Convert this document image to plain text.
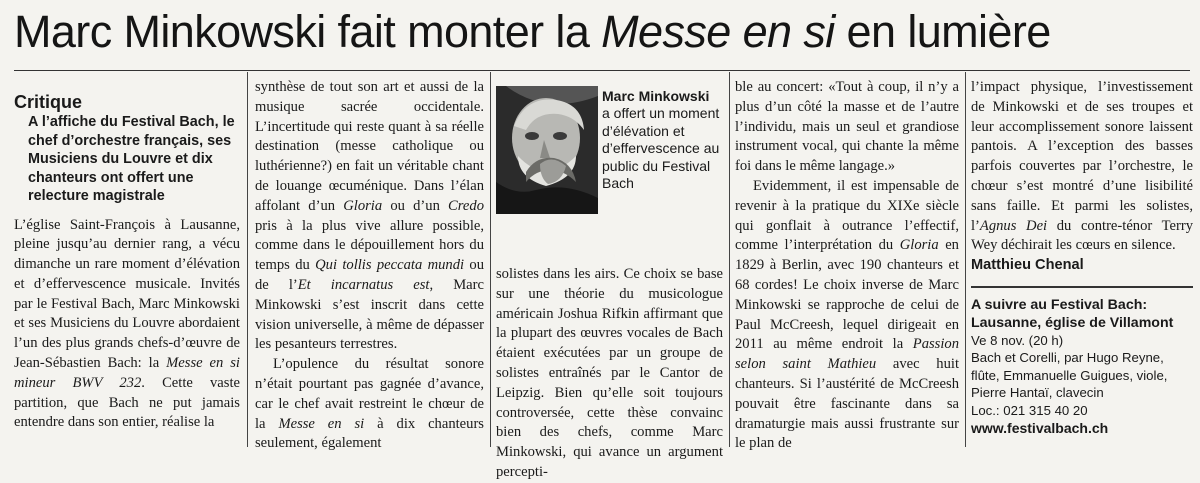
Marc Minkowski fait monter la Messe en si en lumière
Critique
A l’affiche du Festival Bach, le chef d’orchestre français, ses Musiciens du Louvre et dix chanteurs ont offert une relecture magistrale

L’église Saint-François à Lausanne, pleine jusqu’au dernier rang, a vécu dimanche un rare moment d’élévation et d’effervescence musicale. Invités par le Festival Bach, Marc Minkowski et ses Musiciens du Louvre abordaient l’un des plus grands chefs-d’œuvre de Jean-Sébastien Bach: la Messe en si mineur BWV 232. Cette vaste partition, que Bach ne put jamais entendre dans son entier, réalise la

synthèse de tout son art et aussi de la musique sacrée occidentale. L’incertitude qui reste quant à sa réelle destination (messe catholique ou luthérienne?) en fait un véritable chant de louange œcuménique. Dans l’élan affolant d’un Gloria ou d’un Credo pris à la plus vive allure possible, comme dans le dépouillement hors du temps du Qui tollis peccata mundi ou de l’Et incarnatus est, Marc Minkowski s’est inscrit dans cette vision universelle, à même de dépasser les pesanteurs terrestres.

L’opulence du résultat sonore n’était pourtant pas gagnée d’avance, car le chef avait restreint le chœur de la Messe en si à dix chanteurs seulement, également

Marc Minkowski
a offert un moment d’élévation et d’effervescence au public du Festival Bach

solistes dans les airs. Ce choix se base sur une théorie du musicologue américain Joshua Rifkin affirmant que la plupart des œuvres vocales de Bach étaient exécutées par un groupe de solistes entraînés par le Cantor de Leipzig. Bien qu’elle soit toujours controversée, cette thèse convainc bien des chefs, comme Marc Minkowski, qui avance un argument percepti-

ble au concert: «Tout à coup, il n’y a plus d’un côté la masse et de l’autre l’individu, mais un seul et grandiose instrument vocal, qui chante la même foi dans le même langage.»

Evidemment, il est impensable de revenir à la pratique du XIXe siècle qui gonflait à outrance l’effectif, comme l’interprétation du Gloria en 1829 à Berlin, avec 190 chanteurs et 68 cordes! Le choix inverse de Marc Minkowski se rapproche de celui de Paul McCreesh, lequel dirigeait en 2011 au même endroit la Passion selon saint Mathieu avec huit chanteurs. Si l’austérité de McCreesh pouvait être fascinante dans sa dramaturgie mais aussi frustrante sur le plan de

l’impact physique, l’investissement de Minkowski et de ses troupes et leur accomplissement sonore laissent pantois. A l’exception des basses parfois couvertes par l’orchestre, le chœur s’est montré d’une lisibilité sans faille. Et parmi les solistes, l’Agnus Dei du contre-ténor Terry Wey déchirait les cœurs en silence.

Matthieu Chenal
A suivre au Festival Bach:
Lausanne, église de Villamont
Ve 8 nov. (20 h)
Bach et Corelli, par Hugo Reyne,
flûte, Emmanuelle Guigues, viole,
Pierre Hantaï, clavecin
Loc.: 021 315 40 20
www.festivalbach.ch
